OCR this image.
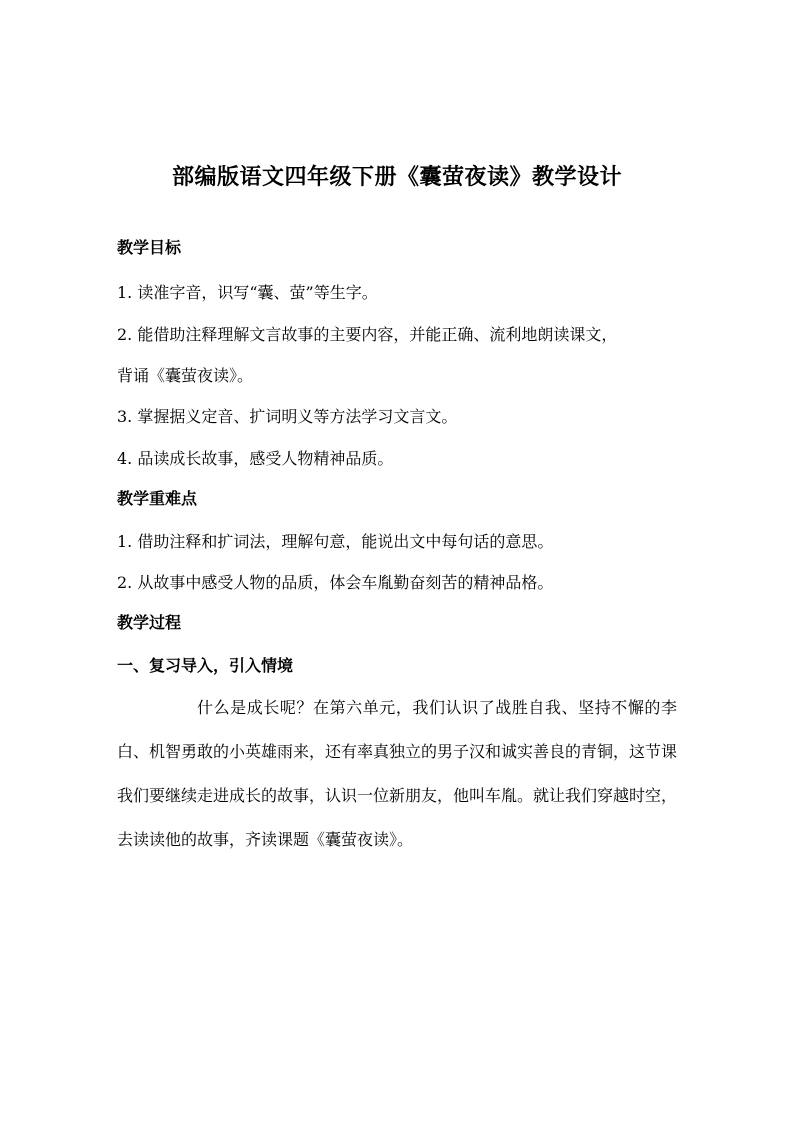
部编版语文四年级下册《囊萤夜读》教学设计
教学目标
1. 读准字音，识写“囊、萤”等生字。
2. 能借助注释理解文言故事的主要内容，并能正确、流利地朗读课文，
背诵《囊萤夜读》。
3. 掌握据义定音、扩词明义等方法学习文言文。
4. 品读成长故事，感受人物精神品质。
教学重难点
1. 借助注释和扩词法，理解句意，能说出文中每句话的意思。
2. 从故事中感受人物的品质，体会车胤勤奋刻苦的精神品格。
教学过程
一、复习导入，引入情境

什么是成长呢？在第六单元，我们认识了战胜自我、坚持不懈的李白、机智勇敢的小英雄雨来，还有率真独立的男子汉和诚实善良的青铜，这节课我们要继续走进成长的故事，认识一位新朋友，他叫车胤。就让我们穿越时空，去读读他的故事，齐读课题《囊萤夜读》。
